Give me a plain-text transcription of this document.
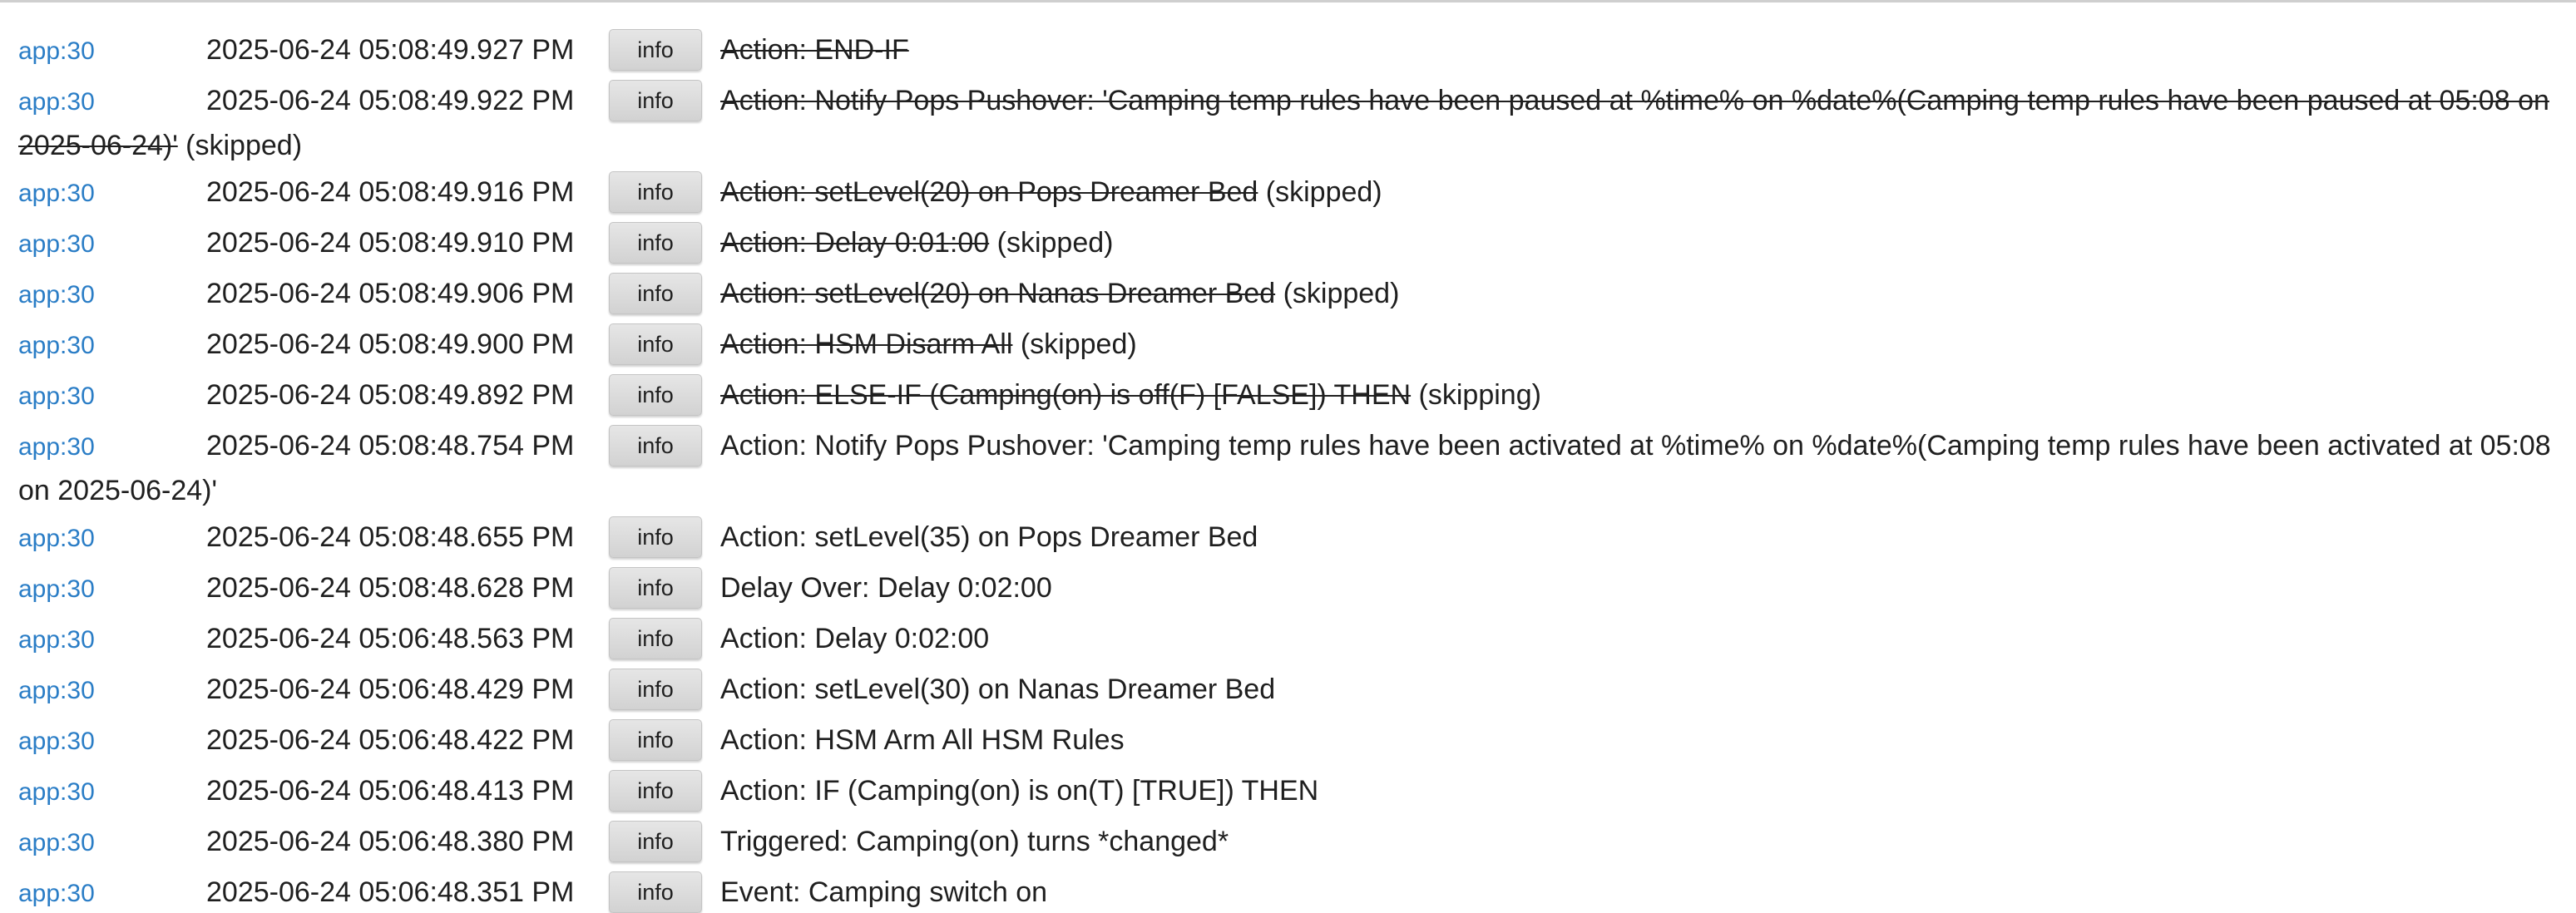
app:30	2025-06-24 05:08:49.927 PM	info Action: END-IF
app:30	2025-06-24 05:08:49.922 PM	info Action: Notify Pops Pushover: 'Camping temp rules have been paused at %time% on %date%(Camping temp rules have been paused at 05:08 on 2025-06-24)' (skipped)
app:30	2025-06-24 05:08:49.916 PM	info Action: setLevel(20) on Pops Dreamer Bed (skipped)
app:30	2025-06-24 05:08:49.910 PM	info Action: Delay 0:01:00 (skipped)
app:30	2025-06-24 05:08:49.906 PM	info Action: setLevel(20) on Nanas Dreamer Bed (skipped)
app:30	2025-06-24 05:08:49.900 PM	info Action: HSM Disarm All (skipped)
app:30	2025-06-24 05:08:49.892 PM	info Action: ELSE-IF (Camping(on) is off(F) [FALSE]) THEN (skipping)
app:30	2025-06-24 05:08:48.754 PM	info Action: Notify Pops Pushover: 'Camping temp rules have been activated at %time% on %date%(Camping temp rules have been activated at 05:08 on 2025-06-24)'
app:30	2025-06-24 05:08:48.655 PM	info Action: setLevel(35) on Pops Dreamer Bed
app:30	2025-06-24 05:08:48.628 PM	info Delay Over: Delay 0:02:00
app:30	2025-06-24 05:06:48.563 PM	info Action: Delay 0:02:00
app:30	2025-06-24 05:06:48.429 PM	info Action: setLevel(30) on Nanas Dreamer Bed
app:30	2025-06-24 05:06:48.422 PM	info Action: HSM Arm All HSM Rules
app:30	2025-06-24 05:06:48.413 PM	info Action: IF (Camping(on) is on(T) [TRUE]) THEN
app:30	2025-06-24 05:06:48.380 PM	info Triggered: Camping(on) turns *changed*
app:30	2025-06-24 05:06:48.351 PM	info Event: Camping switch on
